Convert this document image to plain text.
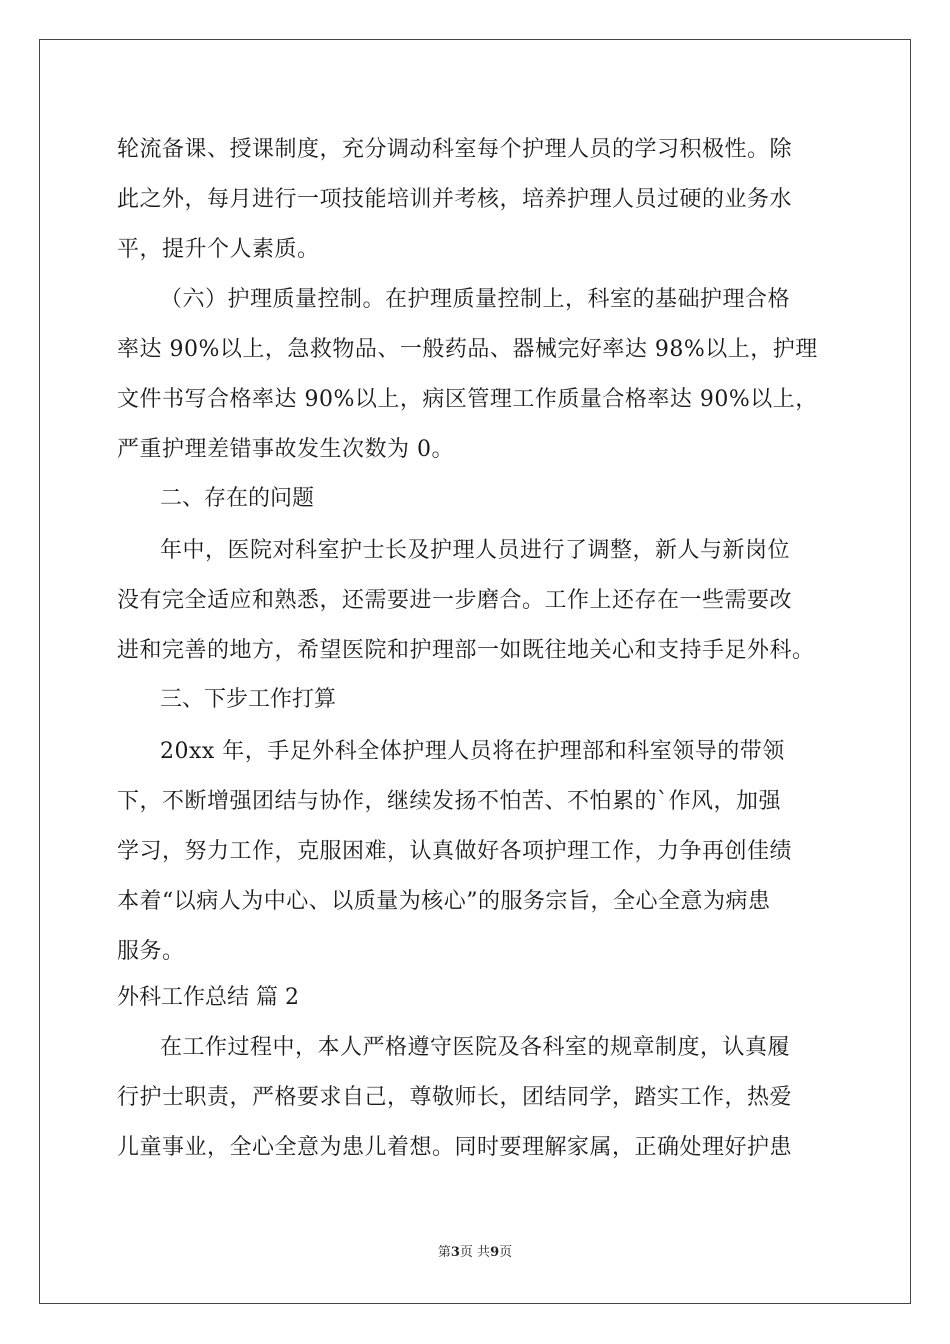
轮流备课、授课制度，充分调动科室每个护理人员的学习积极性。除
此之外，每月进行一项技能培训并考核，培养护理人员过硬的业务水
平，提升个人素质。
（六）护理质量控制。在护理质量控制上，科室的基础护理合格
率达 90%以上，急救物品、一般药品、器械完好率达 98%以上，护理
文件书写合格率达 90%以上，病区管理工作质量合格率达 90%以上，
严重护理差错事故发生次数为 0。
二、存在的问题
年中，医院对科室护士长及护理人员进行了调整，新人与新岗位
没有完全适应和熟悉，还需要进一步磨合。工作上还存在一些需要改
进和完善的地方，希望医院和护理部一如既往地关心和支持手足外科。
三、下步工作打算
20xx 年，手足外科全体护理人员将在护理部和科室领导的带领
下，不断增强团结与协作，继续发扬不怕苦、不怕累的`作风，加强
学习，努力工作，克服困难，认真做好各项护理工作，力争再创佳绩
本着“以病人为中心、以质量为核心”的服务宗旨，全心全意为病患
服务。
外科工作总结 篇 2
在工作过程中，本人严格遵守医院及各科室的规章制度，认真履
行护士职责，严格要求自己，尊敬师长，团结同学，踏实工作，热爱
儿童事业，全心全意为患儿着想。同时要理解家属，正确处理好护患
第3页 共9页
